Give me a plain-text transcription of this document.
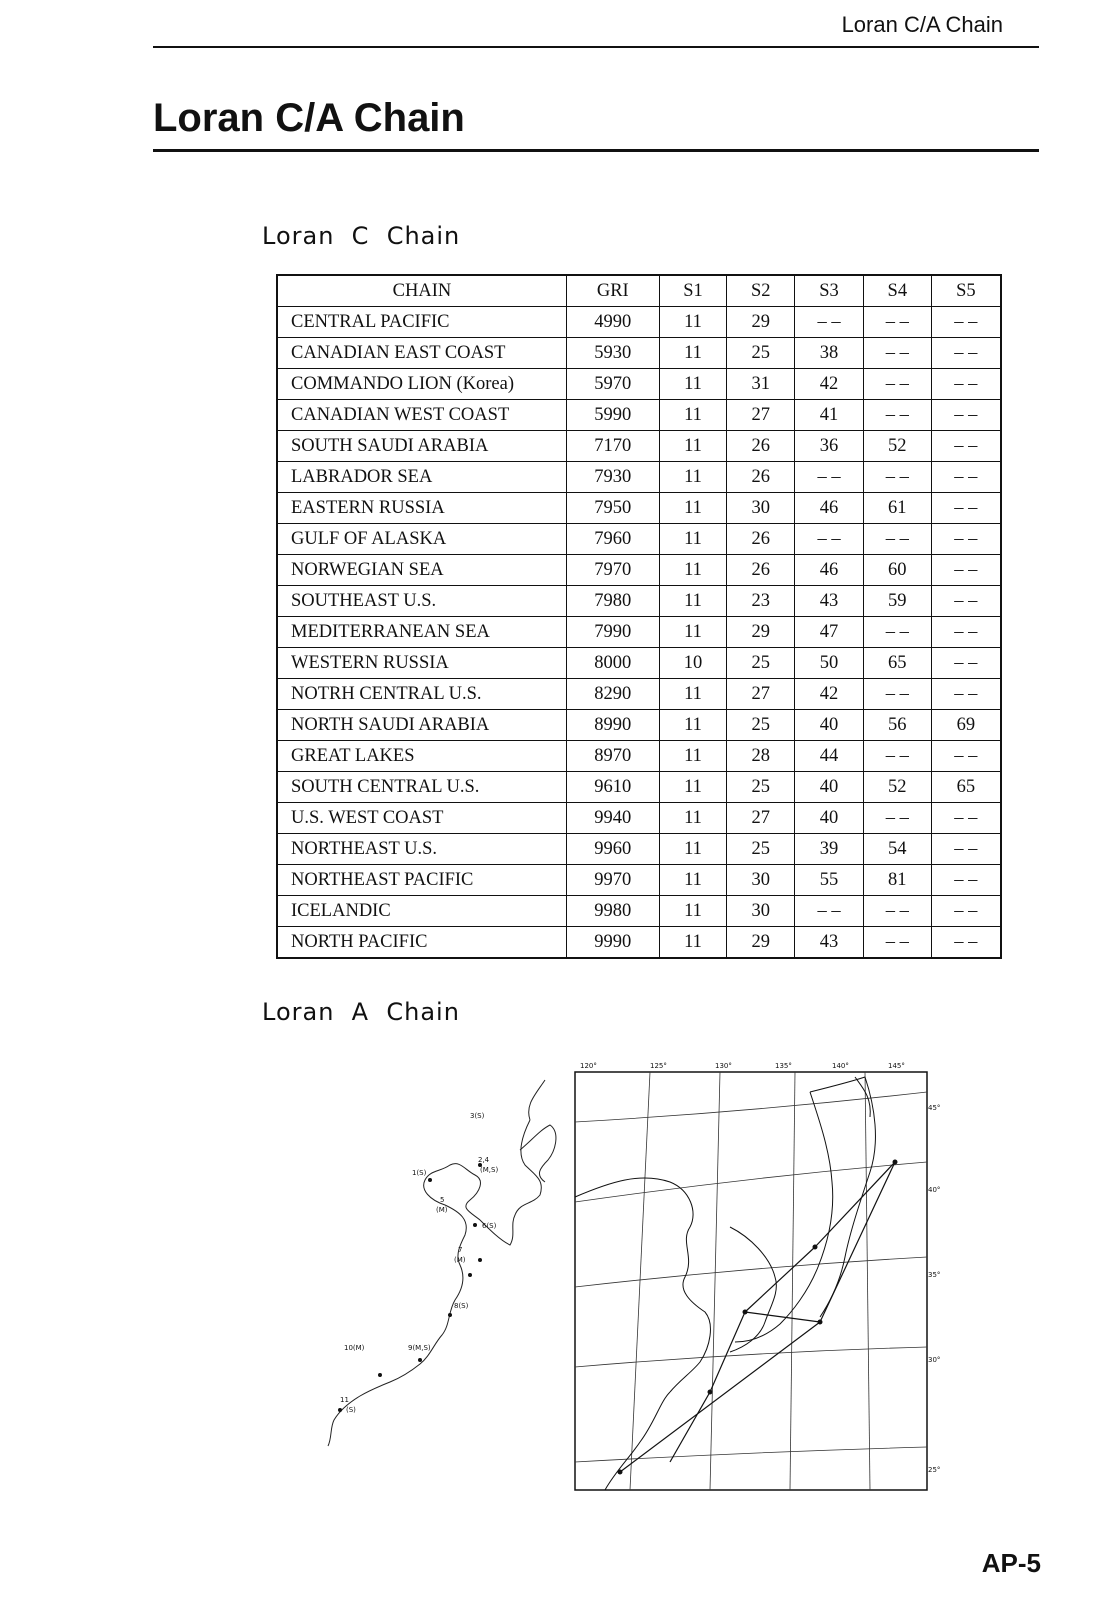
Loran C/A Chain
Loran C/A Chain
Loran  C  Chain
CHAIN	GRI	S1	S2	S3	S4	S5
CENTRAL PACIFIC	4990	11	29	– –	– –	– –
CANADIAN EAST COAST	5930	11	25	38	– –	– –
COMMANDO LION (Korea)	5970	11	31	42	– –	– –
CANADIAN WEST COAST	5990	11	27	41	– –	– –
SOUTH SAUDI ARABIA	7170	11	26	36	52	– –
LABRADOR SEA	7930	11	26	– –	– –	– –
EASTERN RUSSIA	7950	11	30	46	61	– –
GULF OF ALASKA	7960	11	26	– –	– –	– –
NORWEGIAN SEA	7970	11	26	46	60	– –
SOUTHEAST U.S.	7980	11	23	43	59	– –
MEDITERRANEAN SEA	7990	11	29	47	– –	– –
WESTERN RUSSIA	8000	10	25	50	65	– –
NOTRH CENTRAL U.S.	8290	11	27	42	– –	– –
NORTH SAUDI ARABIA	8990	11	25	40	56	69
GREAT LAKES	8970	11	28	44	– –	– –
SOUTH CENTRAL U.S.	9610	11	25	40	52	65
U.S. WEST COAST	9940	11	27	40	– –	– –
NORTHEAST U.S.	9960	11	25	39	54	– –
NORTHEAST PACIFIC	9970	11	30	55	81	– –
ICELANDIC	9980	11	30	– –	– –	– –
NORTH PACIFIC	9990	11	29	43	– –	– –
Loran  A  Chain
3(S)
1(S)
2,4
(M,S)
5
(M)
6(S)
7
(M)
8(S)
10(M)	9(M,S)
11
(S)
120°	125°	130°	135°	140°	145°
45°
40°
35°
30°
25°
AP-5
